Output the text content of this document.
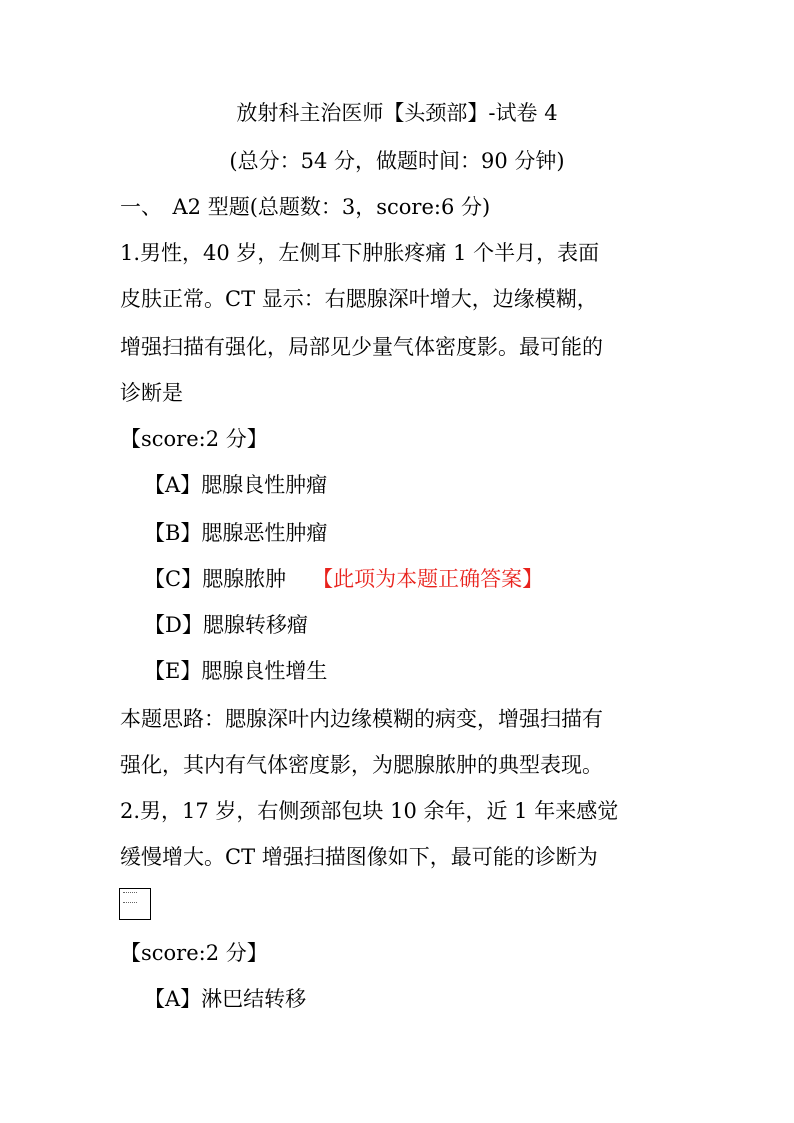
放射科主治医师【头颈部】-试卷 4
(总分：54 分，做题时间：90 分钟)
一、　A2 型题(总题数：3，score:6 分)
1.男性，40 岁，左侧耳下肿胀疼痛 1 个半月，表面
皮肤正常。CT 显示：右腮腺深叶增大，边缘模糊，
增强扫描有强化，局部见少量气体密度影。最可能的
诊断是
【score:2 分】
【A】腮腺良性肿瘤
【B】腮腺恶性肿瘤
【C】腮腺脓肿 【此项为本题正确答案】
【D】腮腺转移瘤
【E】腮腺良性增生
本题思路：腮腺深叶内边缘模糊的病变，增强扫描有
强化，其内有气体密度影，为腮腺脓肿的典型表现。
2.男，17 岁，右侧颈部包块 10 余年，近 1 年来感觉
缓慢增大。CT 增强扫描图像如下，最可能的诊断为
【score:2 分】
【A】淋巴结转移
